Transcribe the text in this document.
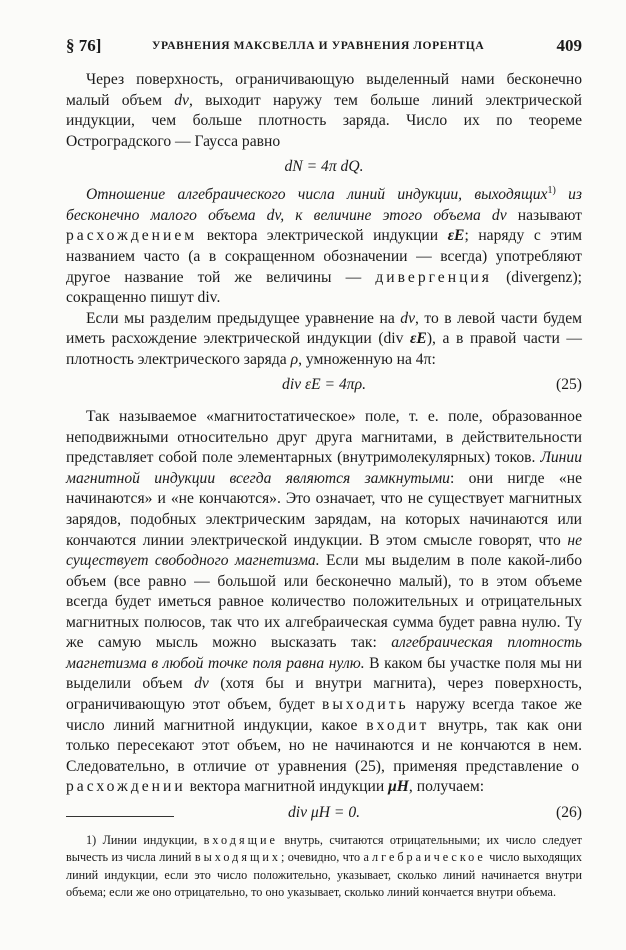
§ 76]	УРАВНЕНИЯ МАКСВЕЛЛА И УРАВНЕНИЯ ЛОРЕНТЦА	409

Через поверхность, ограничивающую выделенный нами бесконечно малый объем dv, выходит наружу тем больше линий электрической индукции, чем больше плотность заряда. Число их по теореме Остроградского — Гаусса равно

dN = 4π dQ.

Отношение алгебраического числа линий индукции, выходящих$^{1)}$ из бесконечно малого объема dv, к величине этого объема dv называют расхождением вектора электрической индукции εE; наряду с этим названием часто (а в сокращенном обозначении — всегда) употребляют другое название той же величины — дивергенция (divergenz); сокращенно пишут div.

Если мы разделим предыдущее уравнение на dv, то в левой части будем иметь расхождение электрической индукции (div εE), а в правой части — плотность электрического заряда ρ, умноженную на 4π:

div εE = 4πρ.	(25)

Так называемое «магнитостатическое» поле, т. е. поле, образованное неподвижными относительно друг друга магнитами, в действительности представляет собой поле элементарных (внутримолекулярных) токов. Линии магнитной индукции всегда являются замкнутыми: они нигде «не начинаются» и «не кончаются». Это означает, что не существует магнитных зарядов, подобных электрическим зарядам, на которых начинаются или кончаются линии электрической индукции. В этом смысле говорят, что не существует свободного магнетизма. Если мы выделим в поле какой-либо объем (все равно — большой или бесконечно малый), то в этом объеме всегда будет иметься равное количество положительных и отрицательных магнитных полюсов, так что их алгебраическая сумма будет равна нулю. Ту же самую мысль можно высказать так: алгебраическая плотность магнетизма в любой точке поля равна нулю. В каком бы участке поля мы ни выделили объем dv (хотя бы и внутри магнита), через поверхность, ограничивающую этот объем, будет выходить наружу всегда такое же число линий магнитной индукции, какое входит внутрь, так как они только пересекают этот объем, но не начинаются и не кончаются в нем. Следовательно, в отличие от уравнения (25), применяя представление о расхождении вектора магнитной индукции μH, получаем:

div μH = 0.	(26)

1) Линии индукции, входящие внутрь, считаются отрицательными; их число следует вычесть из числа линий выходящих; очевидно, что алгебраическое число выходящих линий индукции, если это число положительно, указывает, сколько линий начинается внутри объема; если же оно отрицательно, то оно указывает, сколько линий кончается внутри объема.
